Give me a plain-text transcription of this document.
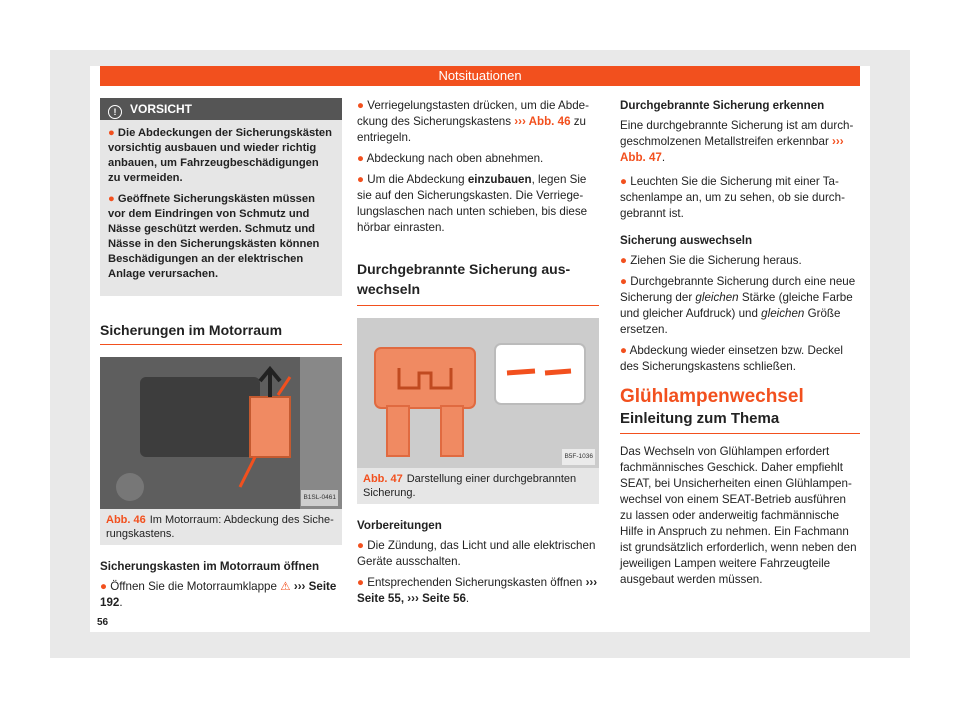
Notsituationen
! VORSICHT
● Die Abdeckungen der Sicherungskästen vorsichtig ausbauen und wieder richtig anbauen, um Fahrzeugbeschädigungen zu vermeiden.
● Geöffnete Sicherungskästen müssen vor dem Eindringen von Schmutz und Nässe geschützt werden. Schmutz und Nässe in den Sicherungskästen können Beschädigungen an der elektrischen Anlage verursachen.
Sicherungen im Motorraum
B1SL-0461
Abb. 46 Im Motorraum: Abdeckung des Sicherungskastens.
Sicherungskasten im Motorraum öffnen
● Öffnen Sie die Motorraumklappe ⚠ ››› Seite 192.
● Verriegelungstasten drücken, um die Abdeckung des Sicherungskastens ››› Abb. 46 zu entriegeln.
● Abdeckung nach oben abnehmen.
● Um die Abdeckung einzubauen, legen Sie sie auf den Sicherungskasten. Die Verriegelungslaschen nach unten schieben, bis diese hörbar einrasten.
Durchgebrannte Sicherung auswechseln
B5F-1036
Abb. 47 Darstellung einer durchgebrannten Sicherung.
Vorbereitungen
● Die Zündung, das Licht und alle elektrischen Geräte ausschalten.
● Entsprechenden Sicherungskasten öffnen ››› Seite 55, ››› Seite 56.
Durchgebrannte Sicherung erkennen

Eine durchgebrannte Sicherung ist am durchgeschmolzenen Metallstreifen erkennbar ››› Abb. 47.

● Leuchten Sie die Sicherung mit einer Taschenlampe an, um zu sehen, ob sie durchgebrannt ist.
Sicherung auswechseln
● Ziehen Sie die Sicherung heraus.
● Durchgebrannte Sicherung durch eine neue Sicherung der gleichen Stärke (gleiche Farbe und gleicher Aufdruck) und gleichen Größe ersetzen.
● Abdeckung wieder einsetzen bzw. Deckel des Sicherungskastens schließen.
Glühlampenwechsel
Einleitung zum Thema

Das Wechseln von Glühlampen erfordert fachmännisches Geschick. Daher empfiehlt SEAT, bei Unsicherheiten einen Glühlampenwechsel von einem SEAT-Betrieb ausführen zu lassen oder anderweitig fachmännische Hilfe in Anspruch zu nehmen. Ein Fachmann ist grundsätzlich erforderlich, wenn neben den jeweiligen Lampen weitere Fahrzeugteile ausgebaut werden müssen.

56
